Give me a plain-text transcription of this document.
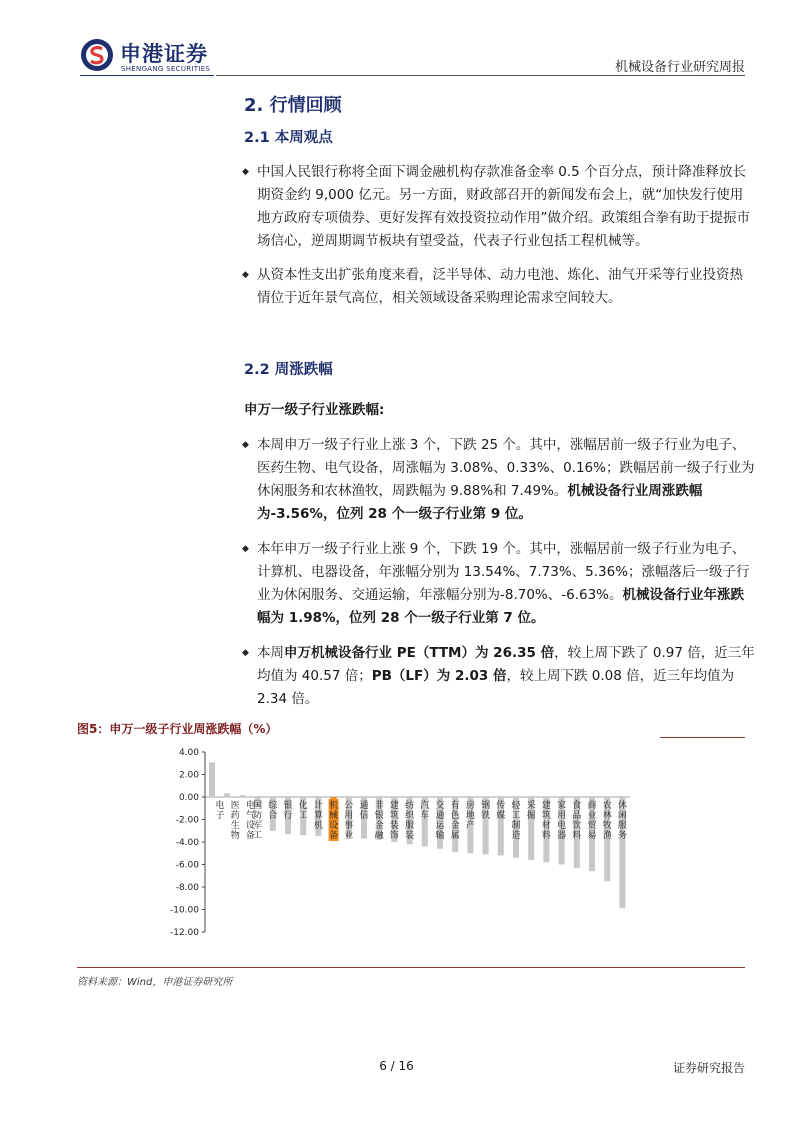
申港证券
SHENGANG SECURITIES	机械设备行业研究周报
2. 行情回顾
2.1 本周观点

◆ 中国人民银行称将全面下调金融机构存款准备金率 0.5 个百分点，预计降准释放长期资金约 9,000 亿元。另一方面，财政部召开的新闻发布会上，就“加快发行使用地方政府专项债券、更好发挥有效投资拉动作用”做介绍。政策组合拳有助于提振市场信心，逆周期调节板块有望受益，代表子行业包括工程机械等。

◆ 从资本性支出扩张角度来看，泛半导体、动力电池、炼化、油气开采等行业投资热情位于近年景气高位，相关领域设备采购理论需求空间较大。

2.2 周涨跌幅
申万一级子行业涨跌幅:

◆ 本周申万一级子行业上涨 3 个，下跌 25 个。其中，涨幅居前一级子行业为电子、医药生物、电气设备，周涨幅为 3.08%、0.33%、0.16%；跌幅居前一级子行业为休闲服务和农林渔牧，周跌幅为 9.88%和 7.49%。机械设备行业周涨跌幅为-3.56%，位列 28 个一级子行业第 9 位。

◆ 本年申万一级子行业上涨 9 个，下跌 19 个。其中，涨幅居前一级子行业为电子、计算机、电器设备，年涨幅分别为 13.54%、7.73%、5.36%；涨幅落后一级子行业为休闲服务、交通运输，年涨幅分别为-8.70%、-6.63%。机械设备行业年涨跌幅为 1.98%，位列 28 个一级子行业第 7 位。

◆ 本周申万机械设备行业 PE（TTM）为 26.35 倍，较上周下跌了 0.97 倍，近三年均值为 40.57 倍；PB（LF）为 2.03 倍，较上周下跌 0.08 倍，近三年均值为 2.34 倍。

图5：申万一级子行业周涨跌幅（%）
4.00
2.00
0.00
-2.00
-4.00
-6.00
-8.00
-10.00
-12.00
电子
医药生物
电气设备
国防军工
综合
银行
化工
计算机
机械设备
公用事业
通信
非银金融
建筑装饰
纺织服装
汽车
交通运输
有色金属
房地产
钢铁
传媒
轻工制造
采掘
建筑材料
家用电器
食品饮料
商业贸易
农林牧渔
休闲服务
资料来源：Wind，申港证券研究所
6 / 16	证券研究报告
